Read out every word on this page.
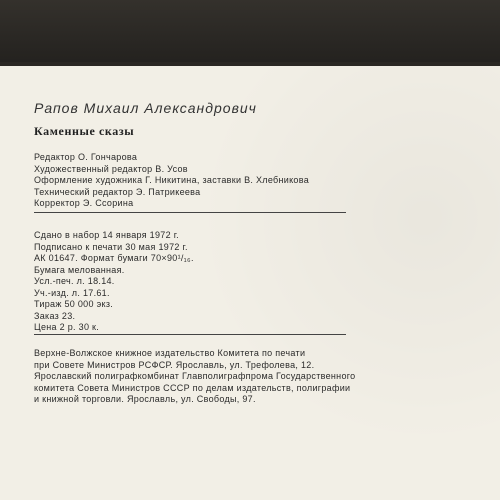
Рапов Михаил Александрович
Каменные сказы
Редактор О. Гончарова
Художественный редактор В. Усов
Оформление художника Г. Никитина, заставки В. Хлебникова
Технический редактор Э. Патрикеева
Корректор Э. Ссорина
Сдано в набор 14 января 1972 г.
Подписано к печати 30 мая 1972 г.
АК 01647. Формат бумаги 70×90¹/₁₆.
Бумага мелованная.
Усл.-печ. л. 18.14.
Уч.-изд. л. 17.61.
Тираж 50 000 экз.
Заказ 23.
Цена 2 р. 30 к.
Верхне-Волжское книжное издательство Комитета по печати
при Совете Министров РСФСР. Ярославль, ул. Трефолева, 12.
Ярославский полиграфкомбинат Главполиграфпрома Государственного
комитета Совета Министров СССР по делам издательств, полиграфии
и книжной торговли. Ярославль, ул. Свободы, 97.
